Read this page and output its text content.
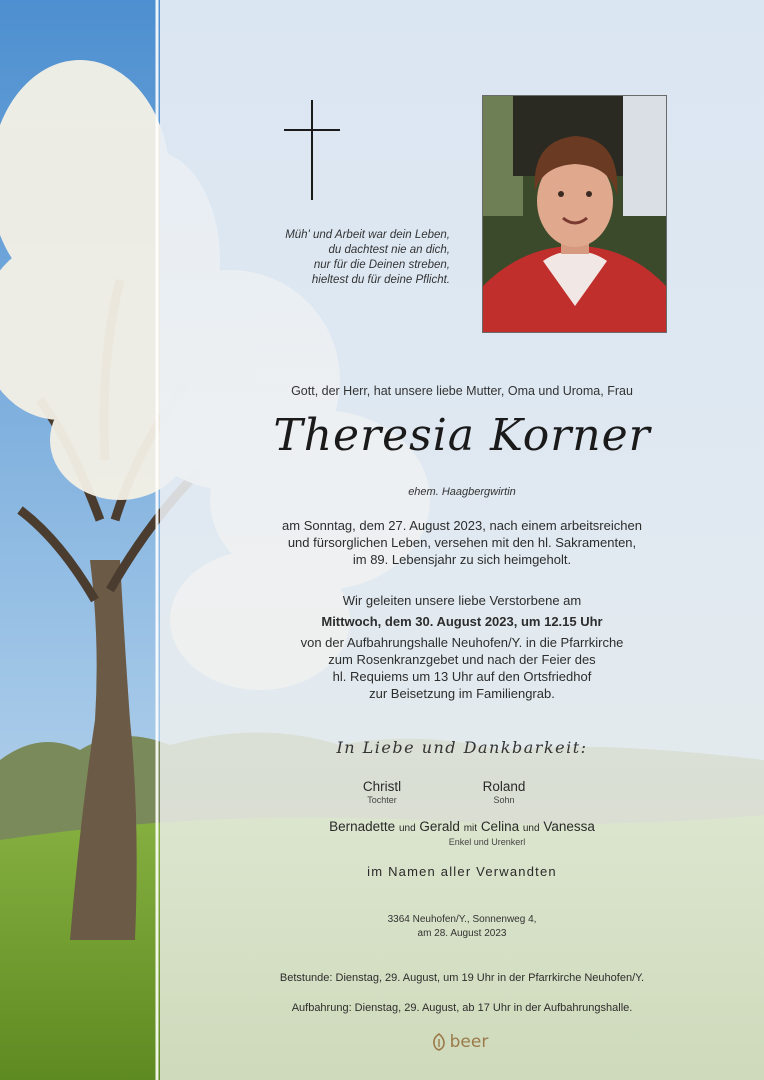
Müh' und Arbeit war dein Leben,
du dachtest nie an dich,
nur für die Deinen streben,
hieltest du für deine Pflicht.
Gott, der Herr, hat unsere liebe Mutter, Oma und Uroma, Frau
Theresia Korner
ehem. Haagbergwirtin
am Sonntag, dem 27. August 2023, nach einem arbeitsreichen
und fürsorglichen Leben, versehen mit den hl. Sakramenten,
im 89. Lebensjahr zu sich heimgeholt.
Wir geleiten unsere liebe Verstorbene am
Mittwoch, dem 30. August 2023, um 12.15 Uhr
von der Aufbahrungshalle Neuhofen/Y. in die Pfarrkirche
zum Rosenkranzgebet und nach der Feier des
hl. Requiems um 13 Uhr auf den Ortsfriedhof
zur Beisetzung im Familiengrab.
In Liebe und Dankbarkeit:
Christl
Tochter
Roland
Sohn
Bernadette und Gerald mit Celina und Vanessa
Enkel und Urenkerl
im Namen aller Verwandten
3364 Neuhofen/Y., Sonnenweg 4,
am 28. August 2023
Betstunde: Dienstag, 29. August, um 19 Uhr in der Pfarrkirche Neuhofen/Y.
Aufbahrung: Dienstag, 29. August, ab 17 Uhr in der Aufbahrungshalle.
beer
